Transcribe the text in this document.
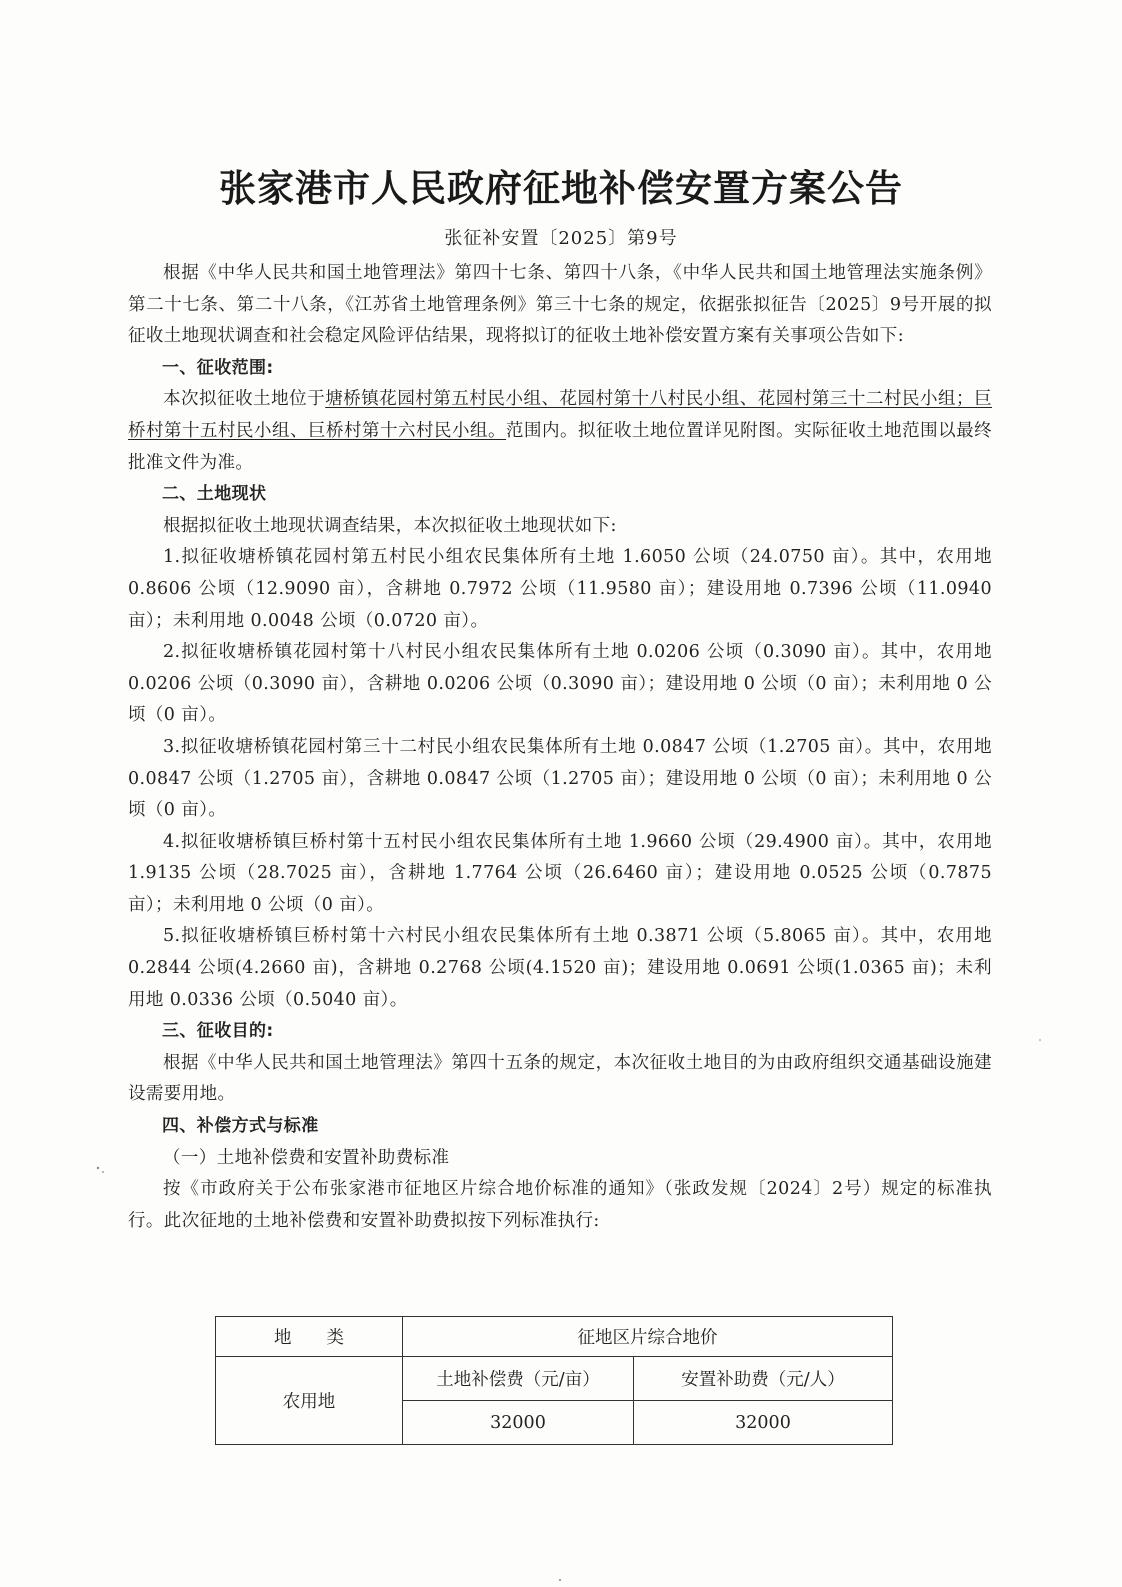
张家港市人民政府征地补偿安置方案公告
张征补安置〔2025〕第9号

根据《中华人民共和国土地管理法》第四十七条、第四十八条，《中华人民共和国土地管理法实施条例》第二十七条、第二十八条，《江苏省土地管理条例》第三十七条的规定，依据张拟征告〔2025〕9号开展的拟征收土地现状调查和社会稳定风险评估结果，现将拟订的征收土地补偿安置方案有关事项公告如下:

一、征收范围:

本次拟征收土地位于塘桥镇花园村第五村民小组、花园村第十八村民小组、花园村第三十二村民小组；巨桥村第十五村民小组、巨桥村第十六村民小组。范围内。拟征收土地位置详见附图。实际征收土地范围以最终批准文件为准。

二、土地现状

根据拟征收土地现状调查结果，本次拟征收土地现状如下:

1.拟征收塘桥镇花园村第五村民小组农民集体所有土地 1.6050 公顷（24.0750 亩）。其中，农用地 0.8606 公顷（12.9090 亩），含耕地 0.7972 公顷（11.9580 亩）；建设用地 0.7396 公顷（11.0940 亩）；未利用地 0.0048 公顷（0.0720 亩）。

2.拟征收塘桥镇花园村第十八村民小组农民集体所有土地 0.0206 公顷（0.3090 亩）。其中，农用地 0.0206 公顷（0.3090 亩），含耕地 0.0206 公顷（0.3090 亩）；建设用地 0 公顷（0 亩）；未利用地 0 公顷（0 亩）。

3.拟征收塘桥镇花园村第三十二村民小组农民集体所有土地 0.0847 公顷（1.2705 亩）。其中，农用地 0.0847 公顷（1.2705 亩），含耕地 0.0847 公顷（1.2705 亩）；建设用地 0 公顷（0 亩）；未利用地 0 公顷（0 亩）。

4.拟征收塘桥镇巨桥村第十五村民小组农民集体所有土地 1.9660 公顷（29.4900 亩）。其中，农用地 1.9135 公顷（28.7025 亩），含耕地 1.7764 公顷（26.6460 亩）；建设用地 0.0525 公顷（0.7875 亩）；未利用地 0 公顷（0 亩）。

5.拟征收塘桥镇巨桥村第十六村民小组农民集体所有土地 0.3871 公顷（5.8065 亩）。其中，农用地 0.2844 公顷(4.2660 亩)，含耕地 0.2768 公顷(4.1520 亩)；建设用地 0.0691 公顷(1.0365 亩)；未利用地 0.0336 公顷（0.5040 亩）。

三、征收目的:

根据《中华人民共和国土地管理法》第四十五条的规定，本次征收土地目的为由政府组织交通基础设施建设需要用地。

四、补偿方式与标准

（一）土地补偿费和安置补助费标准

按《市政府关于公布张家港市征地区片综合地价标准的通知》（张政发规〔2024〕2号）规定的标准执行。此次征地的土地补偿费和安置补助费拟按下列标准执行:

地　　类	征地区片综合地价	
农用地	土地补偿费（元/亩）	安置补助费（元/人）
	32000	32000
